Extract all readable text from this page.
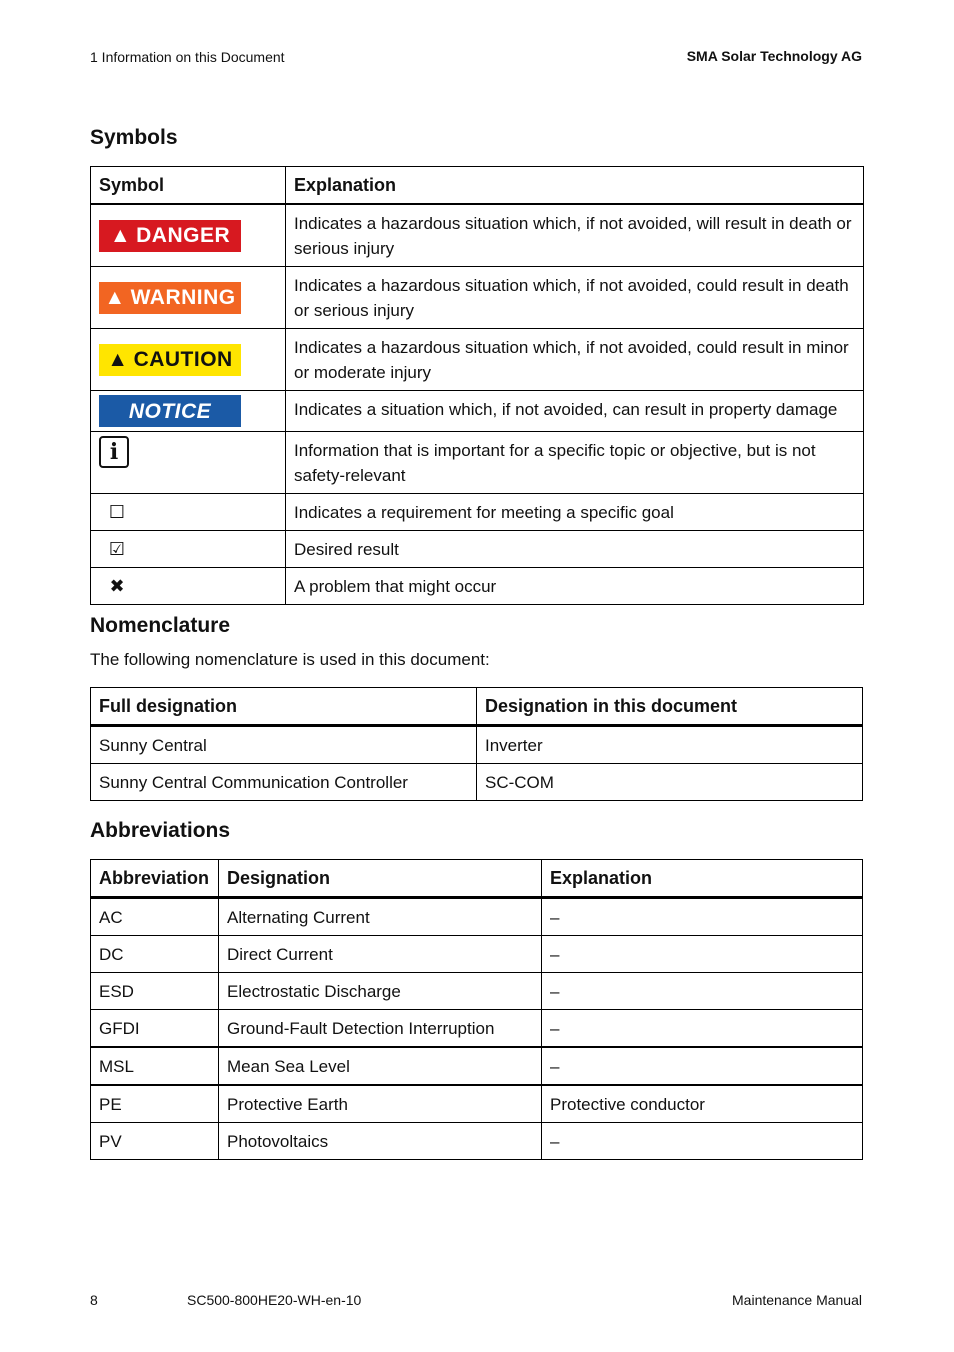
1 Information on this Document	SMA Solar Technology AG
Symbols
Symbol	Explanation

▲ DANGER	Indicates a hazardous situation which, if not avoided, will result in death or serious injury

▲ WARNING	Indicates a hazardous situation which, if not avoided, could result in death or serious injury

▲ CAUTION	Indicates a hazardous situation which, if not avoided, could result in minor or moderate injury
NOTICE	Indicates a situation which, if not avoided, can result in property damage
i	Information that is important for a specific topic or objective, but is not safety-relevant
☐	Indicates a requirement for meeting a specific goal
☑	Desired result
✖	A problem that might occur
Nomenclature
The following nomenclature is used in this document:
Full designation	Designation in this document
Sunny Central	Inverter
Sunny Central Communication Controller	SC-COM
Abbreviations
Abbreviation	Designation	Explanation
AC	Alternating Current	–
DC	Direct Current	–
ESD	Electrostatic Discharge	–
GFDI	Ground-Fault Detection Interruption	–
MSL	Mean Sea Level	–
PE	Protective Earth	Protective conductor
PV	Photovoltaics	–
8	SC500-800HE20-WH-en-10	Maintenance Manual
